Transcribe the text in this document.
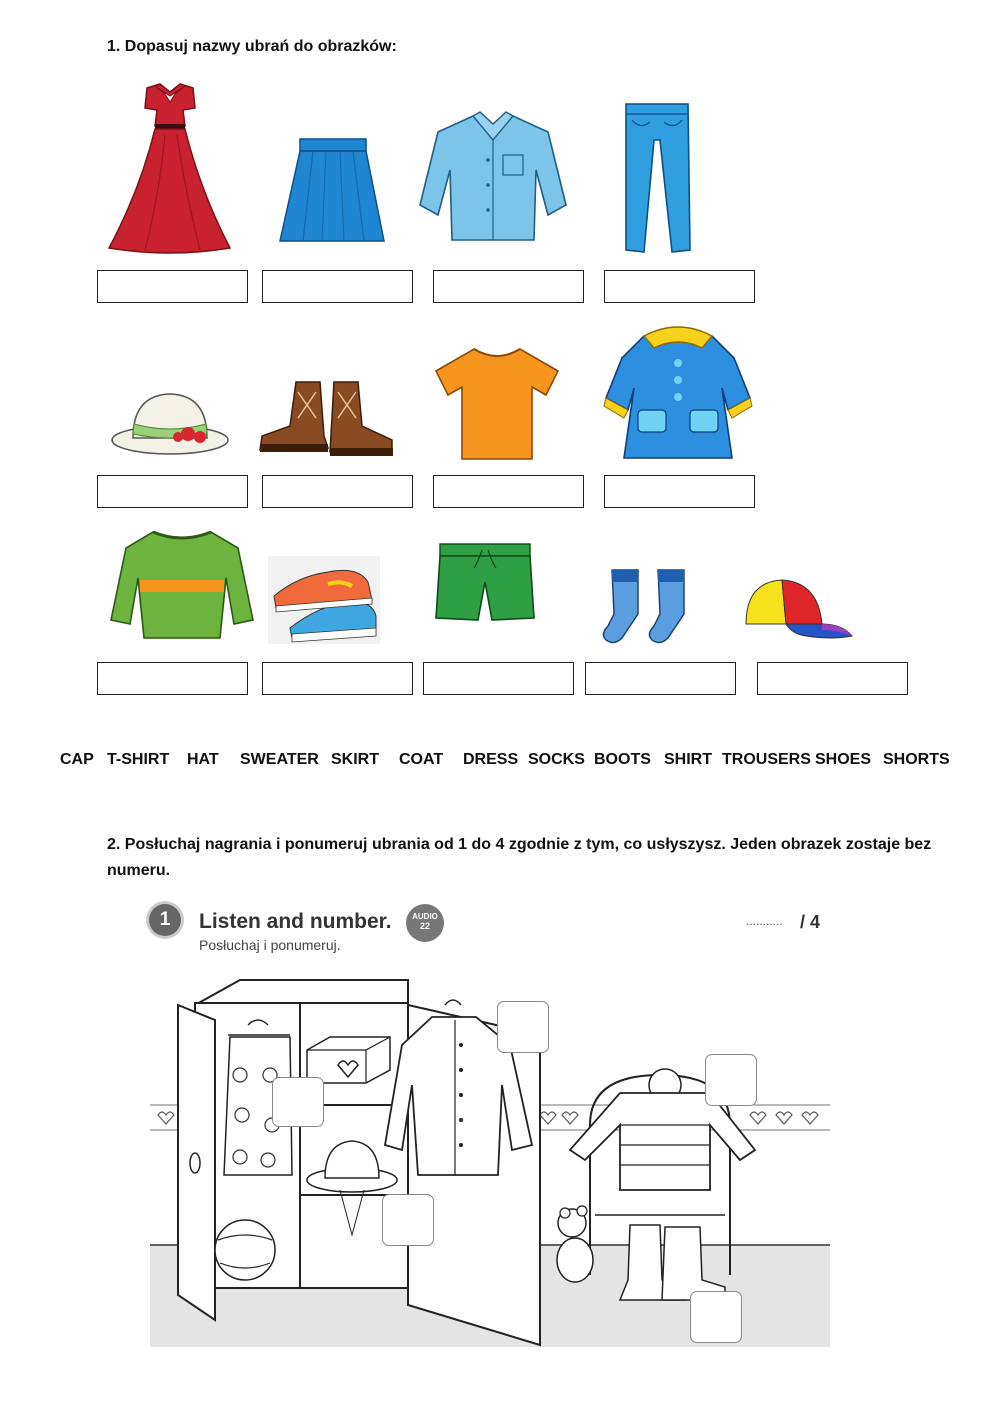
1. Dopasuj nazwy ubrań do obrazków:
CAP T-SHIRT HAT SWEATER SKIRT COAT DRESS SOCKS BOOTS SHIRT TROUSERS SHOES SHORTS
2. Posłuchaj nagrania i ponumeruj ubrania od 1 do 4 zgodnie z tym, co usłyszysz. Jeden obrazek zostaje bez
numeru.
1	Listen and number.
Posłuchaj i ponumeruj.
AUDIO
22	........... / 4
